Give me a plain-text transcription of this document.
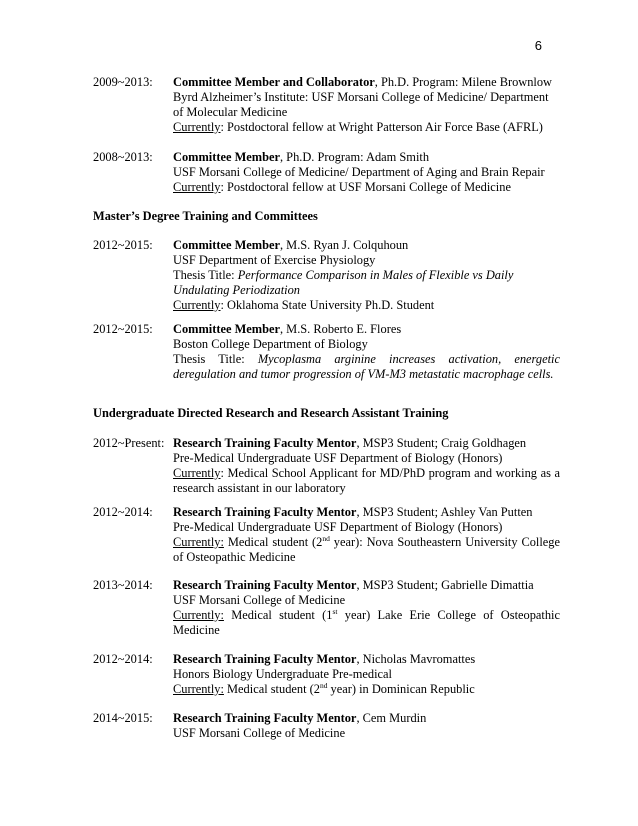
6
2009~2013: Committee Member and Collaborator, Ph.D. Program: Milene Brownlow
Byrd Alzheimer’s Institute: USF Morsani College of Medicine/ Department
of Molecular Medicine
Currently: Postdoctoral fellow at Wright Patterson Air Force Base (AFRL)
2008~2013: Committee Member, Ph.D. Program: Adam Smith
USF Morsani College of Medicine/ Department of Aging and Brain Repair
Currently: Postdoctoral fellow at USF Morsani College of Medicine
Master’s Degree Training and Committees
2012~2015: Committee Member, M.S. Ryan J. Colquhoun
USF Department of Exercise Physiology
Thesis Title: Performance Comparison in Males of Flexible vs Daily
Undulating Periodization
Currently: Oklahoma State University Ph.D. Student
2012~2015: Committee Member, M.S. Roberto E. Flores
Boston College Department of Biology
Thesis Title: Mycoplasma arginine increases activation, energetic deregulation and tumor progression of VM-M3 metastatic macrophage cells.
Undergraduate Directed Research and Research Assistant Training
2012~Present: Research Training Faculty Mentor, MSP3 Student; Craig Goldhagen
Pre-Medical Undergraduate USF Department of Biology (Honors)
Currently: Medical School Applicant for MD/PhD program and working as a research assistant in our laboratory
2012~2014: Research Training Faculty Mentor, MSP3 Student; Ashley Van Putten
Pre-Medical Undergraduate USF Department of Biology (Honors)
Currently: Medical student (2nd year): Nova Southeastern University College of Osteopathic Medicine
2013~2014: Research Training Faculty Mentor, MSP3 Student; Gabrielle Dimattia
USF Morsani College of Medicine
Currently: Medical student (1st year) Lake Erie College of Osteopathic Medicine
2012~2014: Research Training Faculty Mentor, Nicholas Mavromattes
Honors Biology Undergraduate Pre-medical
Currently: Medical student (2nd year) in Dominican Republic
2014~2015: Research Training Faculty Mentor, Cem Murdin
USF Morsani College of Medicine
